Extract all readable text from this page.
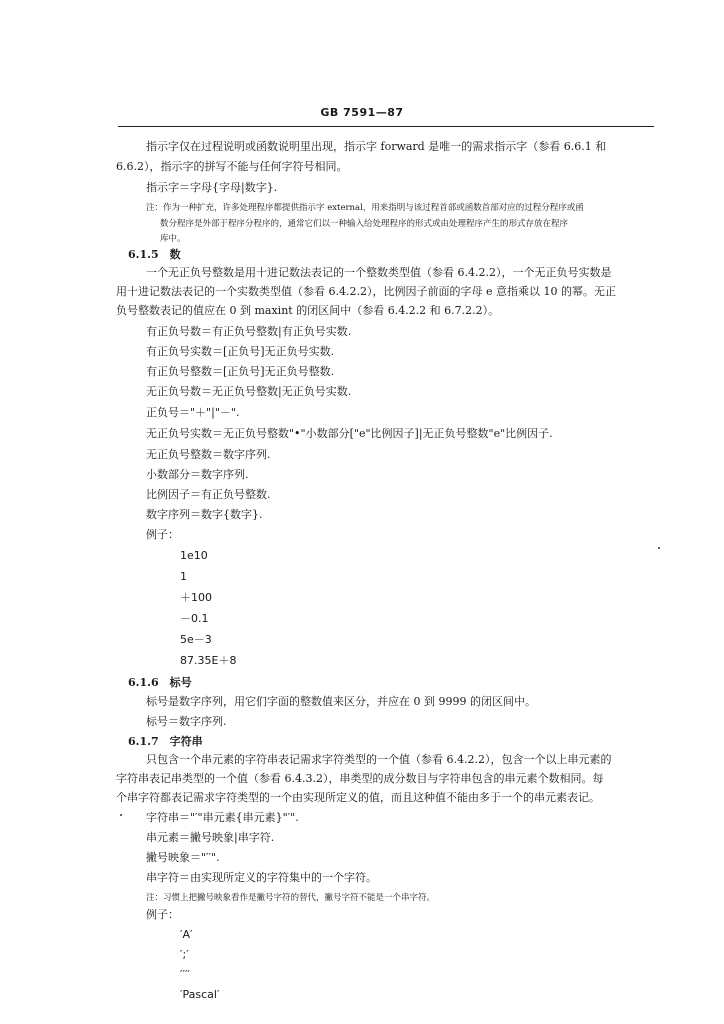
GB 7591—87
指示字仅在过程说明或函数说明里出现，指示字 forward 是唯一的需求指示字（参看 6.6.1 和
6.6.2），指示字的拼写不能与任何字符号相同。
指示字＝字母{字母|数字}.
注：作为一种扩充，许多处理程序都提供指示字 external，用来指明与该过程首部或函数首部对应的过程分程序或函
数分程序是外部于程序分程序的，通常它们以一种输入给处理程序的形式或由处理程序产生的形式存放在程序
库中。
6.1.5　数
一个无正负号整数是用十进记数法表记的一个整数类型值（参看 6.4.2.2），一个无正负号实数是
用十进记数法表记的一个实数类型值（参看 6.4.2.2），比例因子前面的字母 e 意指乘以 10 的幂。无正
负号整数表记的值应在 0 到 maxint 的闭区间中（参看 6.4.2.2 和 6.7.2.2）。
有正负号数＝有正负号整数|有正负号实数.
有正负号实数＝[正负号]无正负号实数.
有正负号整数＝[正负号]无正负号整数.
无正负号数＝无正负号整数|无正负号实数.
正负号＝"＋"|"－".
无正负号实数＝无正负号整数"•"小数部分["e"比例因子]|无正负号整数"e"比例因子.
无正负号整数＝数字序列.
小数部分＝数字序列.
比例因子＝有正负号整数.
数字序列＝数字{数字}.
例子：
1e10
1
＋100
－0.1
5e－3
87.35E＋8
6.1.6　标号
标号是数字序列，用它们字面的整数值来区分，并应在 0 到 9999 的闭区间中。
标号＝数字序列.
6.1.7　字符串
只包含一个串元素的字符串表记需求字符类型的一个值（参看 6.4.2.2），包含一个以上串元素的
字符串表记串类型的一个值（参看 6.4.3.2），串类型的成分数目与字符串包含的串元素个数相同。每
个串字符都表记需求字符类型的一个由实现所定义的值，而且这种值不能由多于一个的串元素表记。
字符串＝"′"串元素{串元素}"′".
串元素＝撇号映象|串字符.
撇号映象＝"′′".
串字符＝由实现所定义的字符集中的一个字符。
注：习惯上把撇号映象看作是撇号字符的替代，撇号字符不能是一个串字符。
例子：
′A′
′;′
′′′′
′Pascal′
